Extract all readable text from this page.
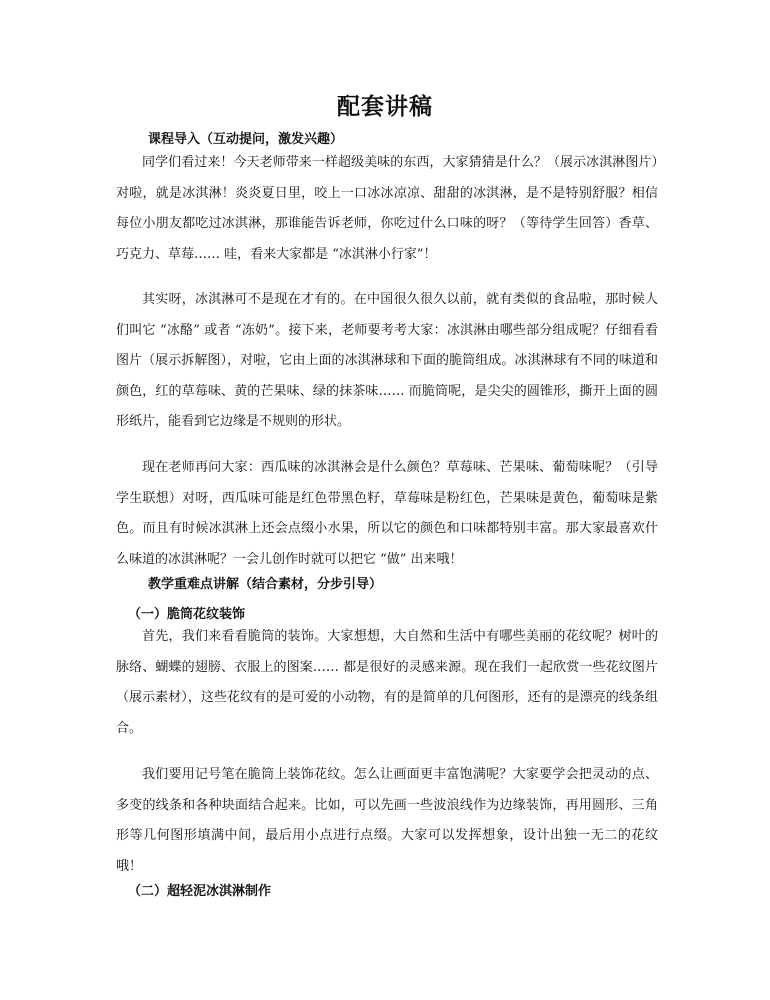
配套讲稿

课程导入（互动提问，激发兴趣）

同学们看过来！今天老师带来一样超级美味的东西，大家猜猜是什么？（展示冰淇淋图片）对啦，就是冰淇淋！炎炎夏日里，咬上一口冰冰凉凉、甜甜的冰淇淋，是不是特别舒服？相信每位小朋友都吃过冰淇淋，那谁能告诉老师，你吃过什么口味的呀？（等待学生回答）香草、巧克力、草莓…… 哇，看来大家都是 “冰淇淋小行家”！

其实呀，冰淇淋可不是现在才有的。在中国很久很久以前，就有类似的食品啦，那时候人们叫它 “冰酪” 或者 “冻奶”。接下来，老师要考考大家：冰淇淋由哪些部分组成呢？仔细看看图片（展示拆解图），对啦，它由上面的冰淇淋球和下面的脆筒组成。冰淇淋球有不同的味道和颜色，红的草莓味、黄的芒果味、绿的抹茶味…… 而脆筒呢，是尖尖的圆锥形，撕开上面的圆形纸片，能看到它边缘是不规则的形状。

现在老师再问大家：西瓜味的冰淇淋会是什么颜色？草莓味、芒果味、葡萄味呢？（引导学生联想）对呀，西瓜味可能是红色带黑色籽，草莓味是粉红色，芒果味是黄色，葡萄味是紫色。而且有时候冰淇淋上还会点缀小水果，所以它的颜色和口味都特别丰富。那大家最喜欢什么味道的冰淇淋呢？一会儿创作时就可以把它 “做” 出来哦！

教学重难点讲解（结合素材，分步引导）

（一）脆筒花纹装饰

首先，我们来看看脆筒的装饰。大家想想，大自然和生活中有哪些美丽的花纹呢？树叶的脉络、蝴蝶的翅膀、衣服上的图案…… 都是很好的灵感来源。现在我们一起欣赏一些花纹图片（展示素材），这些花纹有的是可爱的小动物，有的是简单的几何图形，还有的是漂亮的线条组合。

我们要用记号笔在脆筒上装饰花纹。怎么让画面更丰富饱满呢？大家要学会把灵动的点、多变的线条和各种块面结合起来。比如，可以先画一些波浪线作为边缘装饰，再用圆形、三角形等几何图形填满中间，最后用小点进行点缀。大家可以发挥想象，设计出独一无二的花纹哦！

（二）超轻泥冰淇淋制作
